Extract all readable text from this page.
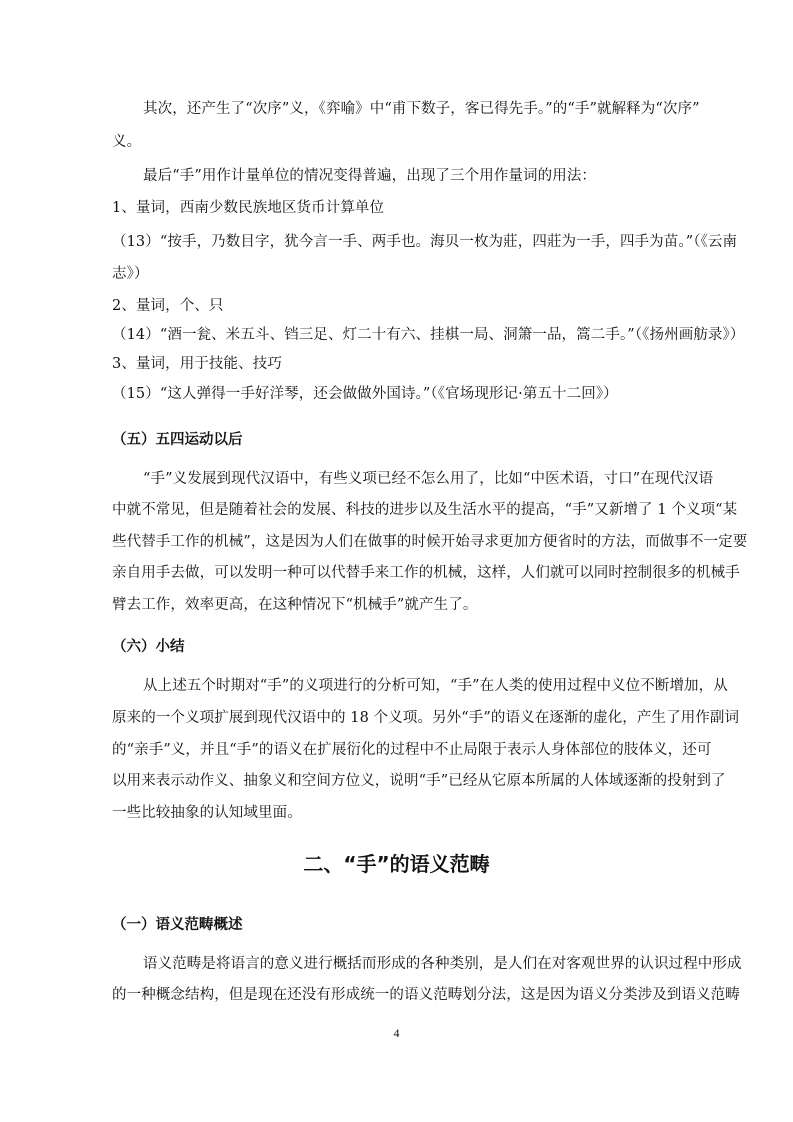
其次，还产生了“次序”义，《弈喻》中“甫下数子，客已得先手。”的“手”就解释为“次序”
义。
最后“手”用作计量单位的情况变得普遍，出现了三个用作量词的用法：
1、量词，西南少数民族地区货币计算单位
（13）“按手，乃数目字，犹今言一手、两手也。海贝一枚为莊，四莊为一手，四手为苗。”（《云南
志》）
2、量词，个、只
（14）“酒一瓮、米五斗、铛三足、灯二十有六、挂棋一局、洞箫一品，篙二手。”（《扬州画舫录》）
3、量词，用于技能、技巧
（15）“这人弹得一手好洋琴，还会做做外国诗。”（《官场现形记·第五十二回》）
（五）五四运动以后
“手”义发展到现代汉语中，有些义项已经不怎么用了，比如“中医术语，寸口”在现代汉语
中就不常见，但是随着社会的发展、科技的进步以及生活水平的提高，“手”又新增了 1 个义项“某
些代替手工作的机械”，这是因为人们在做事的时候开始寻求更加方便省时的方法，而做事不一定要
亲自用手去做，可以发明一种可以代替手来工作的机械，这样，人们就可以同时控制很多的机械手
臂去工作，效率更高，在这种情况下“机械手”就产生了。
（六）小结
从上述五个时期对“手”的义项进行的分析可知，“手”在人类的使用过程中义位不断增加，从
原来的一个义项扩展到现代汉语中的 18 个义项。另外“手”的语义在逐渐的虚化，产生了用作副词
的“亲手”义，并且“手”的语义在扩展衍化的过程中不止局限于表示人身体部位的肢体义，还可
以用来表示动作义、抽象义和空间方位义，说明“手”已经从它原本所属的人体域逐渐的投射到了
一些比较抽象的认知域里面。
二、“手”的语义范畴
（一）语义范畴概述
语义范畴是将语言的意义进行概括而形成的各种类别，是人们在对客观世界的认识过程中形成
的一种概念结构，但是现在还没有形成统一的语义范畴划分法，这是因为语义分类涉及到语义范畴
4
